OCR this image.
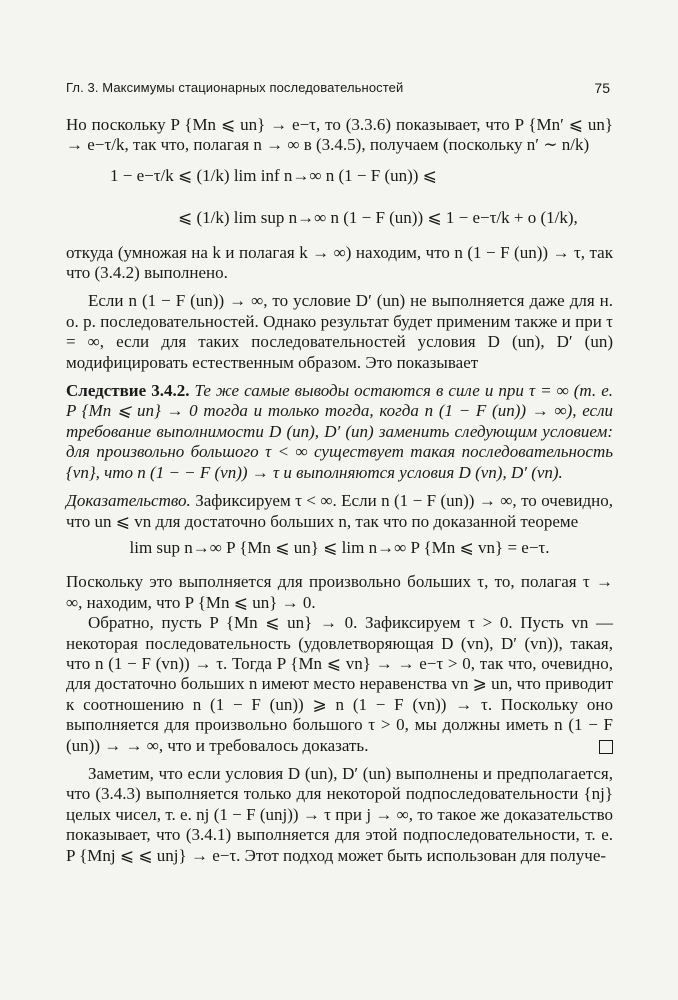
Гл. 3. Максимумы стационарных последовательностей	75

Но поскольку P {Mn ⩽ un} → e−τ, то (3.3.6) показывает, что P {Mn′ ⩽ un} → e−τ/k, так что, полагая n → ∞ в (3.4.5), получаем (поскольку n′ ∼ n/k)

1 − e−τ/k ⩽ (1/k) lim inf n→∞ n (1 − F (un)) ⩽

⩽ (1/k) lim sup n→∞ n (1 − F (un)) ⩽ 1 − e−τ/k + o (1/k),

откуда (умножая на k и полагая k → ∞) находим, что n (1 − F (un)) → τ, так что (3.4.2) выполнено.

Если n (1 − F (un)) → ∞, то условие D′ (un) не выполняется даже для н. о. р. последовательностей. Однако результат будет применим также и при τ = ∞, если для таких последовательностей условия D (un), D′ (un) модифицировать естественным образом. Это показывает

Следствие 3.4.2. Те же самые выводы остаются в силе и при τ = ∞ (т. е. P {Mn ⩽ un} → 0 тогда и только тогда, когда n (1 − F (un)) → ∞), если требование выполнимости D (un), D′ (un) заменить следующим условием: для произвольно большого τ < ∞ существует такая последовательность {vn}, что n (1 − − F (vn)) → τ и выполняются условия D (vn), D′ (vn).

Доказательство. Зафиксируем τ < ∞. Если n (1 − F (un)) → ∞, то очевидно, что un ⩽ vn для достаточно больших n, так что по доказанной теореме

lim sup n→∞ P {Mn ⩽ un} ⩽ lim n→∞ P {Mn ⩽ vn} = e−τ.

Поскольку это выполняется для произвольно больших τ, то, полагая τ → ∞, находим, что P {Mn ⩽ un} → 0.

Обратно, пусть P {Mn ⩽ un} → 0. Зафиксируем τ > 0. Пусть vn — некоторая последовательность (удовлетворяющая D (vn), D′ (vn)), такая, что n (1 − F (vn)) → τ. Тогда P {Mn ⩽ vn} → → e−τ > 0, так что, очевидно, для достаточно больших n имеют место неравенства vn ⩾ un, что приводит к соотношению n (1 − F (un)) ⩾ n (1 − F (vn)) → τ. Поскольку оно выполняется для произвольно большого τ > 0, мы должны иметь n (1 − F (un)) → → ∞, что и требовалось доказать.

Заметим, что если условия D (un), D′ (un) выполнены и предполагается, что (3.4.3) выполняется только для некоторой подпоследовательности {nj} целых чисел, т. е. nj (1 − F (unj)) → τ при j → ∞, то такое же доказательство показывает, что (3.4.1) выполняется для этой подпоследовательности, т. е. P {Mnj ⩽ ⩽ unj} → e−τ. Этот подход может быть использован для получе-
